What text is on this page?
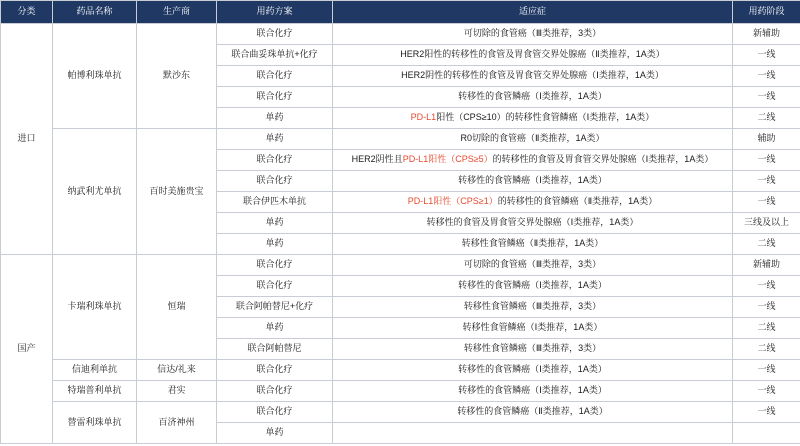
分类	药品名称	生产商	用药方案	适应症	用药阶段
进口	帕博利珠单抗	默沙东	联合化疗	可切除的食管癌（Ⅲ类推荐，3类）	新辅助
			联合曲妥珠单抗+化疗	HER2阳性的转移性的食管及胃食管交界处腺癌（Ⅱ类推荐，1A类）	一线
			联合化疗	HER2阴性的转移性的食管及胃食管交界处腺癌（Ⅰ类推荐，1A类）	一线
			联合化疗	转移性的食管鳞癌（Ⅰ类推荐，1A类）	一线
			单药	PD-L1阳性（CPS≥10）的转移性食管鳞癌（Ⅰ类推荐，1A类）	二线
	纳武利尤单抗	百时美施贵宝	单药	R0切除的食管癌（Ⅱ类推荐，1A类）	辅助
			联合化疗	HER2阴性且PD-L1阳性（CPS≥5）的转移性的食管及胃食管交界处腺癌（Ⅰ类推荐，1A类）	一线
			联合化疗	转移性的食管鳞癌（Ⅰ类推荐，1A类）	一线
			联合伊匹木单抗	PD-L1阳性（CPS≥1）的转移性的食管鳞癌（Ⅱ类推荐，1A类）	一线
			单药	转移性的食管及胃食管交界处腺癌（Ⅰ类推荐，1A类）	三线及以上
			单药	转移性食管鳞癌（Ⅱ类推荐，1A类）	二线
国产	卡瑞利珠单抗	恒瑞	联合化疗	可切除的食管癌（Ⅲ类推荐，3类）	新辅助
			联合化疗	转移性的食管鳞癌（Ⅰ类推荐，1A类）	一线
			联合阿帕替尼+化疗	转移性食管鳞癌（Ⅲ类推荐，3类）	一线
			单药	转移性食管鳞癌（Ⅰ类推荐，1A类）	二线
			联合阿帕替尼	转移性食管鳞癌（Ⅲ类推荐，3类）	二线
	信迪利单抗	信达/礼来	联合化疗	转移性的食管鳞癌（Ⅰ类推荐，1A类）	一线
	特瑞普利单抗	君实	联合化疗	转移性的食管鳞癌（Ⅰ类推荐，1A类）	一线
	替雷利珠单抗	百济神州	联合化疗	转移性的食管鳞癌（Ⅱ类推荐，1A类）	一线
			单药		
